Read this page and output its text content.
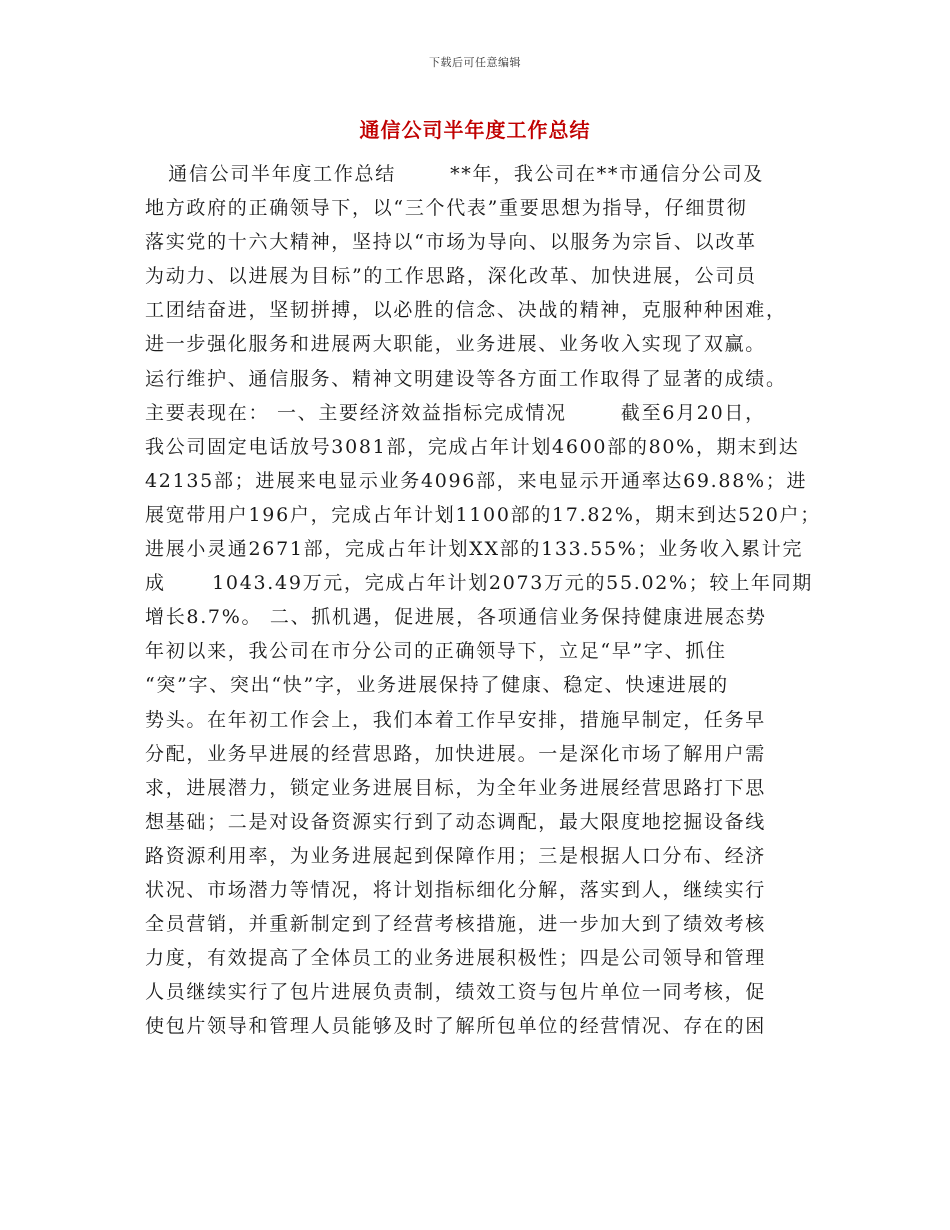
下载后可任意编辑
通信公司半年度工作总结
通信公司半年度工作总结       **年，我公司在**市通信分公司及
地方政府的正确领导下，以“三个代表”重要思想为指导，仔细贯彻
落实党的十六大精神，坚持以“市场为导向、以服务为宗旨、以改革
为动力、以进展为目标”的工作思路，深化改革、加快进展，公司员
工团结奋进，坚韧拼搏，以必胜的信念、决战的精神，克服种种困难，
进一步强化服务和进展两大职能，业务进展、业务收入实现了双赢。
运行维护、通信服务、精神文明建设等各方面工作取得了显著的成绩。
主要表现在： 一、主要经济效益指标完成情况       截至6月20日，
我公司固定电话放号3081部，完成占年计划4600部的80%，期末到达
42135部；进展来电显示业务4096部，来电显示开通率达69.88%；进
展宽带用户196户，完成占年计划1100部的17.82%，期末到达520户；
进展小灵通2671部，完成占年计划XX部的133.55%；业务收入累计完
成      1043.49万元，完成占年计划2073万元的55.02%；较上年同期
增长8.7%。 二、抓机遇，促进展，各项通信业务保持健康进展态势
年初以来，我公司在市分公司的正确领导下，立足“早”字、抓住
“突”字、突出“快”字，业务进展保持了健康、稳定、快速进展的
势头。在年初工作会上，我们本着工作早安排，措施早制定，任务早
分配，业务早进展的经营思路，加快进展。一是深化市场了解用户需
求，进展潜力，锁定业务进展目标，为全年业务进展经营思路打下思
想基础；二是对设备资源实行到了动态调配，最大限度地挖掘设备线
路资源利用率，为业务进展起到保障作用；三是根据人口分布、经济
状况、市场潜力等情况，将计划指标细化分解，落实到人，继续实行
全员营销，并重新制定到了经营考核措施，进一步加大到了绩效考核
力度，有效提高了全体员工的业务进展积极性；四是公司领导和管理
人员继续实行了包片进展负责制，绩效工资与包片单位一同考核，促
使包片领导和管理人员能够及时了解所包单位的经营情况、存在的困
